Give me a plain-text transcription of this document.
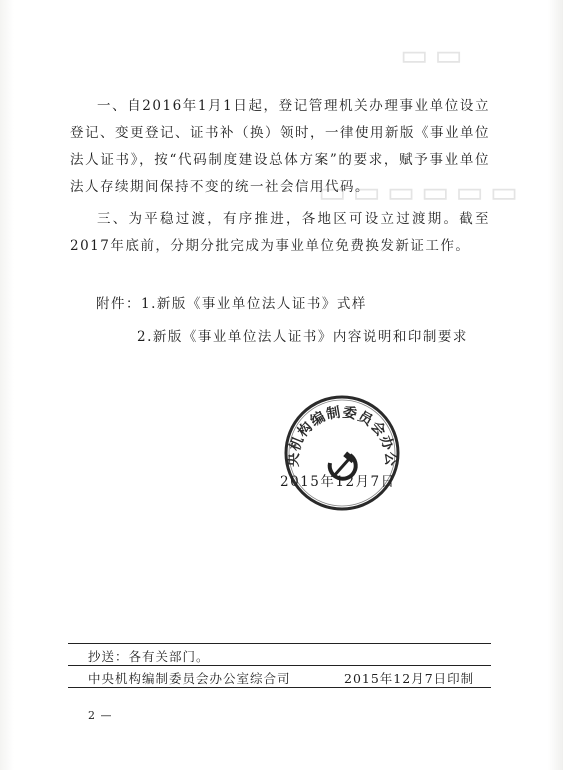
▭▭
▭▭▭▭▭▭

一、自2016年1月1日起，登记管理机关办理事业单位设立登记、变更登记、证书补（换）领时，一律使用新版《事业单位法人证书》，按“代码制度建设总体方案”的要求，赋予事业单位法人存续期间保持不变的统一社会信用代码。

三、为平稳过渡，有序推进，各地区可设立过渡期。截至2017年底前，分期分批完成为事业单位免费换发新证工作。

附件：1.新版《事业单位法人证书》式样
2.新版《事业单位法人证书》内容说明和印制要求
央机构编制委员会办公
2015年12月7日
抄送：各有关部门。
中央机构编制委员会办公室综合司	2015年12月7日印制
2 —
